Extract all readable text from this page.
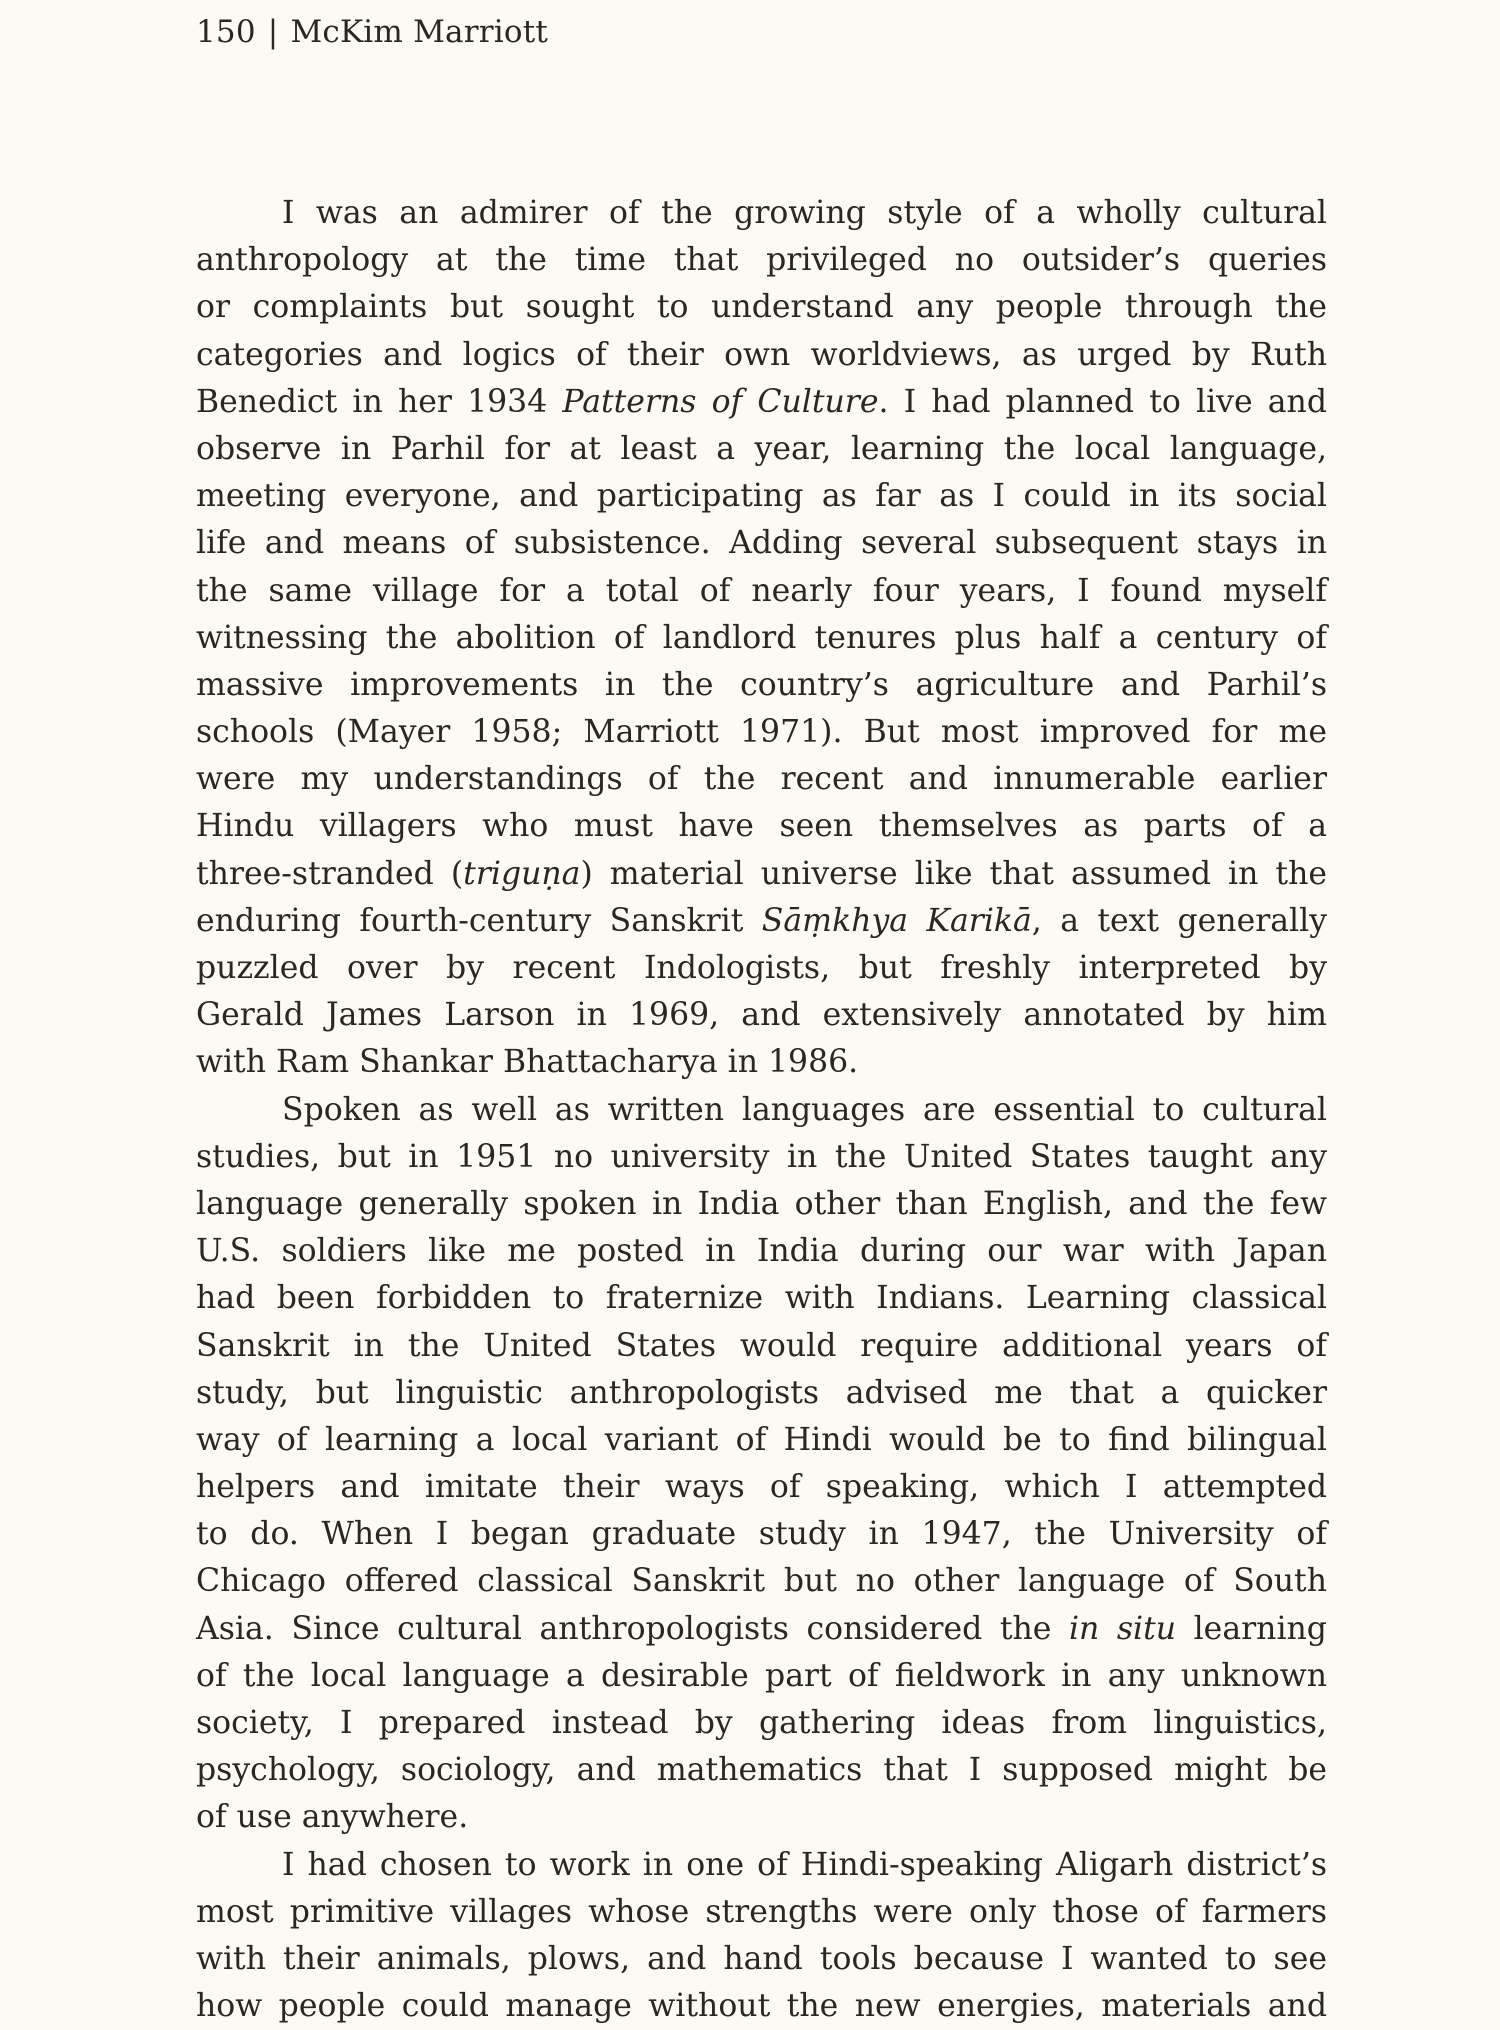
150 | McKim Marriott
I was an admirer of the growing style of a wholly cultural
anthropology at the time that privileged no outsider’s queries
or complaints but sought to understand any people through the
categories and logics of their own worldviews, as urged by Ruth
Benedict in her 1934 Patterns of Culture. I had planned to live and
observe in Parhil for at least a year, learning the local language,
meeting everyone, and participating as far as I could in its social
life and means of subsistence. Adding several subsequent stays in
the same village for a total of nearly four years, I found myself
witnessing the abolition of landlord tenures plus half a century of
massive improvements in the country’s agriculture and Parhil’s
schools (Mayer 1958; Marriott 1971). But most improved for me
were my understandings of the recent and innumerable earlier
Hindu villagers who must have seen themselves as parts of a
three-stranded (triguṇa) material universe like that assumed in the
enduring fourth-century Sanskrit Sāṃkhya Karikā, a text generally
puzzled over by recent Indologists, but freshly interpreted by
Gerald James Larson in 1969, and extensively annotated by him
with Ram Shankar Bhattacharya in 1986.
Spoken as well as written languages are essential to cultural
studies, but in 1951 no university in the United States taught any
language generally spoken in India other than English, and the few
U.S. soldiers like me posted in India during our war with Japan
had been forbidden to fraternize with Indians. Learning classical
Sanskrit in the United States would require additional years of
study, but linguistic anthropologists advised me that a quicker
way of learning a local variant of Hindi would be to find bilingual
helpers and imitate their ways of speaking, which I attempted
to do. When I began graduate study in 1947, the University of
Chicago offered classical Sanskrit but no other language of South
Asia. Since cultural anthropologists considered the in situ learning
of the local language a desirable part of fieldwork in any unknown
society, I prepared instead by gathering ideas from linguistics,
psychology, sociology, and mathematics that I supposed might be
of use anywhere.
I had chosen to work in one of Hindi-speaking Aligarh district’s
most primitive villages whose strengths were only those of farmers
with their animals, plows, and hand tools because I wanted to see
how people could manage without the new energies, materials and
